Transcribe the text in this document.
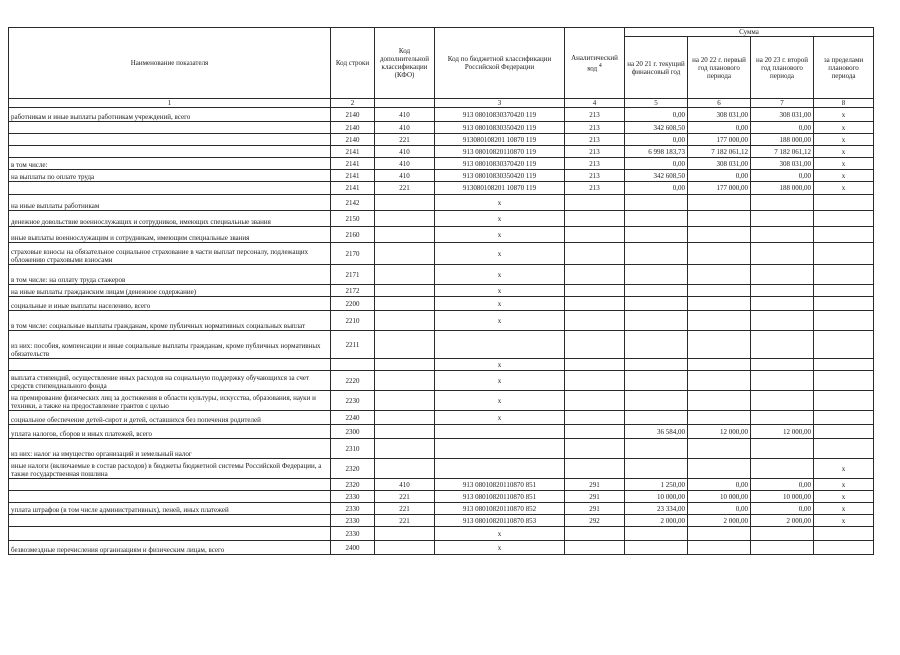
Наименование показателя	Код строки	Код дополнительной классификации (КФО)	Код по бюджетной классификации Российской Федерации	Аналитический код $^4$	Сумма			
					на 20 21 г. текущий финансовый год	на 20 22 г. первый год планового периода	на 20 23 г. второй год планового периода	за пределами планового периода
1	2		3	4	5	6	7	8
работникам и иные выплаты работникам учреждений, всего	2140	410	913 08010830370420 119	213	0,00	308 031,00	308 031,00	х
	2140	410	913 08010830350420 119	213	342 608,50	0,00	0,00	х
	2140	221	913080108201 10870 119	213	0,00	177 000,00	188 000,00	х
	2141	410	913 08010820110870 119	213	6 998 183,73	7 182 061,12	7 182 061,12	х
в том числе:	2141	410	913 08010830370420 119	213	0,00	308 031,00	308 031,00	х
на выплаты по оплате труда	2141	410	913 08010830350420 119	213	342 608,50	0,00	0,00	х
	2141	221	913080108201 10870 119	213	0,00	177 000,00	188 000,00	х
на иные выплаты работникам	2142		х					
денежное довольствие военнослужащих и сотрудников, имеющих специальные звания	2150		х					
иные выплаты военнослужащим и сотрудникам, имеющим специальные звания	2160		х					
страховые взносы на обязательное социальное страхование в части выплат персоналу, подлежащих обложению страховыми взносами	2170		х					
в том числе: на оплату труда стажеров	2171		х					
на иные выплаты гражданским лицам (денежное содержание)	2172		х					
социальные и иные выплаты населению, всего	2200		х					
в том числе: социальные выплаты гражданам, кроме публичных нормативных социальных выплат	2210		х					
из них: пособия, компенсации и иные социальные выплаты гражданам, кроме публичных нормативных обязательств	2211							
			х					
выплата стипендий, осуществление иных расходов на социальную поддержку обучающихся за счет средств стипендиального фонда	2220		х					
на премирование физических лиц за достижения в области культуры, искусства, образования, науки и техники, а также на предоставление грантов с целью	2230		х					
социальное обеспечение детей-сирот и детей, оставшихся без попечения родителей	2240		х					
уплата налогов, сборов и иных платежей, всего	2300				36 584,00	12 000,00	12 000,00	
из них: налог на имущество организаций и земельный налог	2310							
иные налоги (включаемые в состав расходов) в бюджеты бюджетной системы Российской Федерации, а также государственная пошлина	2320							х
	2320	410	913 08010820110870 851	291	1 250,00	0,00	0,00	х
	2330	221	913 08010820110870 851	291	10 000,00	10 000,00	10 000,00	х
уплата штрафов (в том числе административных), пеней, иных платежей	2330	221	913 08010820110870 852	291	23 334,00	0,00	0,00	х
	2330	221	913 08010820110870 853	292	2 000,00	2 000,00	2 000,00	х
	2330		х					
безвозмездные перечисления организациям и физическим лицам, всего	2400		х					
